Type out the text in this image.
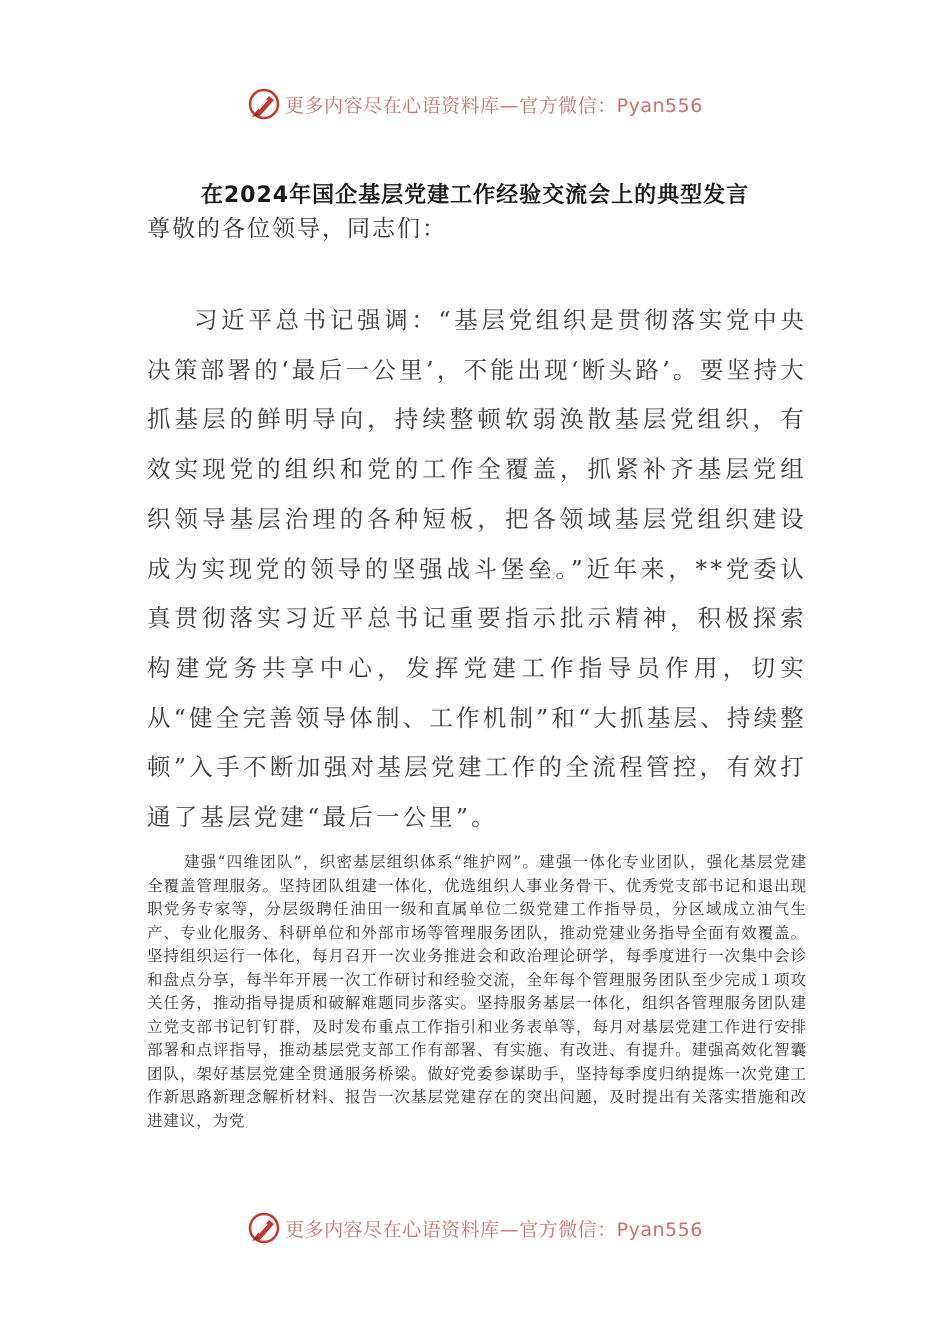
更多内容尽在心语资料库—官方微信：Pyan556
在2024年国企基层党建工作经验交流会上的典型发言
尊敬的各位领导，同志们：

习近平总书记强调：“基层党组织是贯彻落实党中央决策部署的‘最后一公里’，不能出现‘断头路’。要坚持大抓基层的鲜明导向，持续整顿软弱涣散基层党组织，有效实现党的组织和党的工作全覆盖，抓紧补齐基层党组织领导基层治理的各种短板，把各领域基层党组织建设成为实现党的领导的坚强战斗堡垒。”近年来，**党委认真贯彻落实习近平总书记重要指示批示精神，积极探索构建党务共享中心，发挥党建工作指导员作用，切实从“健全完善领导体制、工作机制”和“大抓基层、持续整顿”入手不断加强对基层党建工作的全流程管控，有效打通了基层党建“最后一公里”。

建强“四维团队”，织密基层组织体系“维护网”。建强一体化专业团队，强化基层党建全覆盖管理服务。坚持团队组建一体化，优选组织人事业务骨干、优秀党支部书记和退出现职党务专家等，分层级聘任油田一级和直属单位二级党建工作指导员，分区域成立油气生产、专业化服务、科研单位和外部市场等管理服务团队，推动党建业务指导全面有效覆盖。坚持组织运行一体化，每月召开一次业务推进会和政治理论研学，每季度进行一次集中会诊和盘点分享，每半年开展一次工作研讨和经验交流，全年每个管理服务团队至少完成１项攻关任务，推动指导提质和破解难题同步落实。坚持服务基层一体化，组织各管理服务团队建立党支部书记钉钉群，及时发布重点工作指引和业务表单等，每月对基层党建工作进行安排部署和点评指导，推动基层党支部工作有部署、有实施、有改进、有提升。建强高效化智囊团队，架好基层党建全贯通服务桥梁。做好党委参谋助手，坚持每季度归纳提炼一次党建工作新思路新理念解析材料、报告一次基层党建存在的突出问题，及时提出有关落实措施和改进建议，为党

更多内容尽在心语资料库—官方微信：Pyan556
